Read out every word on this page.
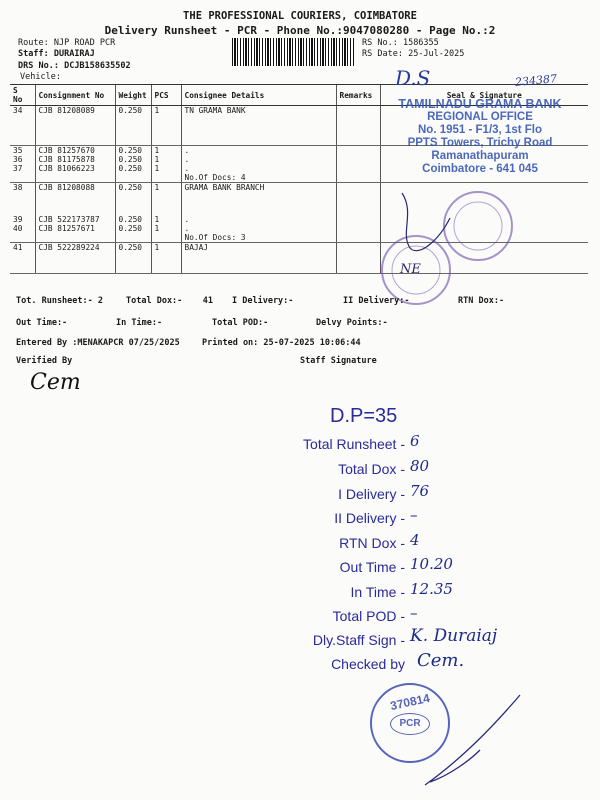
THE PROFESSIONAL COURIERS, COIMBATORE
Delivery Runsheet - PCR - Phone No.:9047080280 - Page No.:2
Route: NJP ROAD PCR
Staff: DURAIRAJ
DRS No.: DCJB158635502
Vehicle:
RS No.: 1586355
RS Date: 25-Jul-2025
S No	Consignment No	Weight	PCS	Consignee Details	Remarks	Seal & Signature
34	CJB 81208089	0.250	1	TN GRAMA BANK		

35	CJB 81257670	0.250	1	.		
36	CJB 81175878	0.250	1	.		
37	CJB 81066223	0.250	1	.		
				No.Of Docs: 4		
38	CJB 81208088	0.250	1	GRAMA BANK BRANCH		

39	CJB 522173787	0.250	1	.		
40	CJB 81257671	0.250	1	.		
				No.Of Docs: 3		
41	CJB 522289224	0.250	1	BAJAJ		

TAMILNADU GRAMA BANK
REGIONAL OFFICE
No. 1951 - F1/3, 1st Flo
PPTS Towers, Trichy Road
Ramanathapuram
Coimbatore - 641 045
D.S	234387
NE
Tot. Runsheet:- 2	Total Dox:- 41 I Delivery:-	II Delivery:-	RTN Dox:-
Out Time:-	In Time:-	Total POD:-	Delvy Points:-
Entered By :MENAKAPCR 07/25/2025	Printed on: 25-07-2025 10:06:44
Verified By	Staff Signature
Cem
D.P=35
Total Runsheet - 6
Total Dox - 80
I Delivery - 76
II Delivery - –
RTN Dox - 4
Out Time - 10.20
In Time - 12.35
Total POD - –
Dly.Staff Sign - K. Duraiaj
Checked by Cem.
370814
PCR
